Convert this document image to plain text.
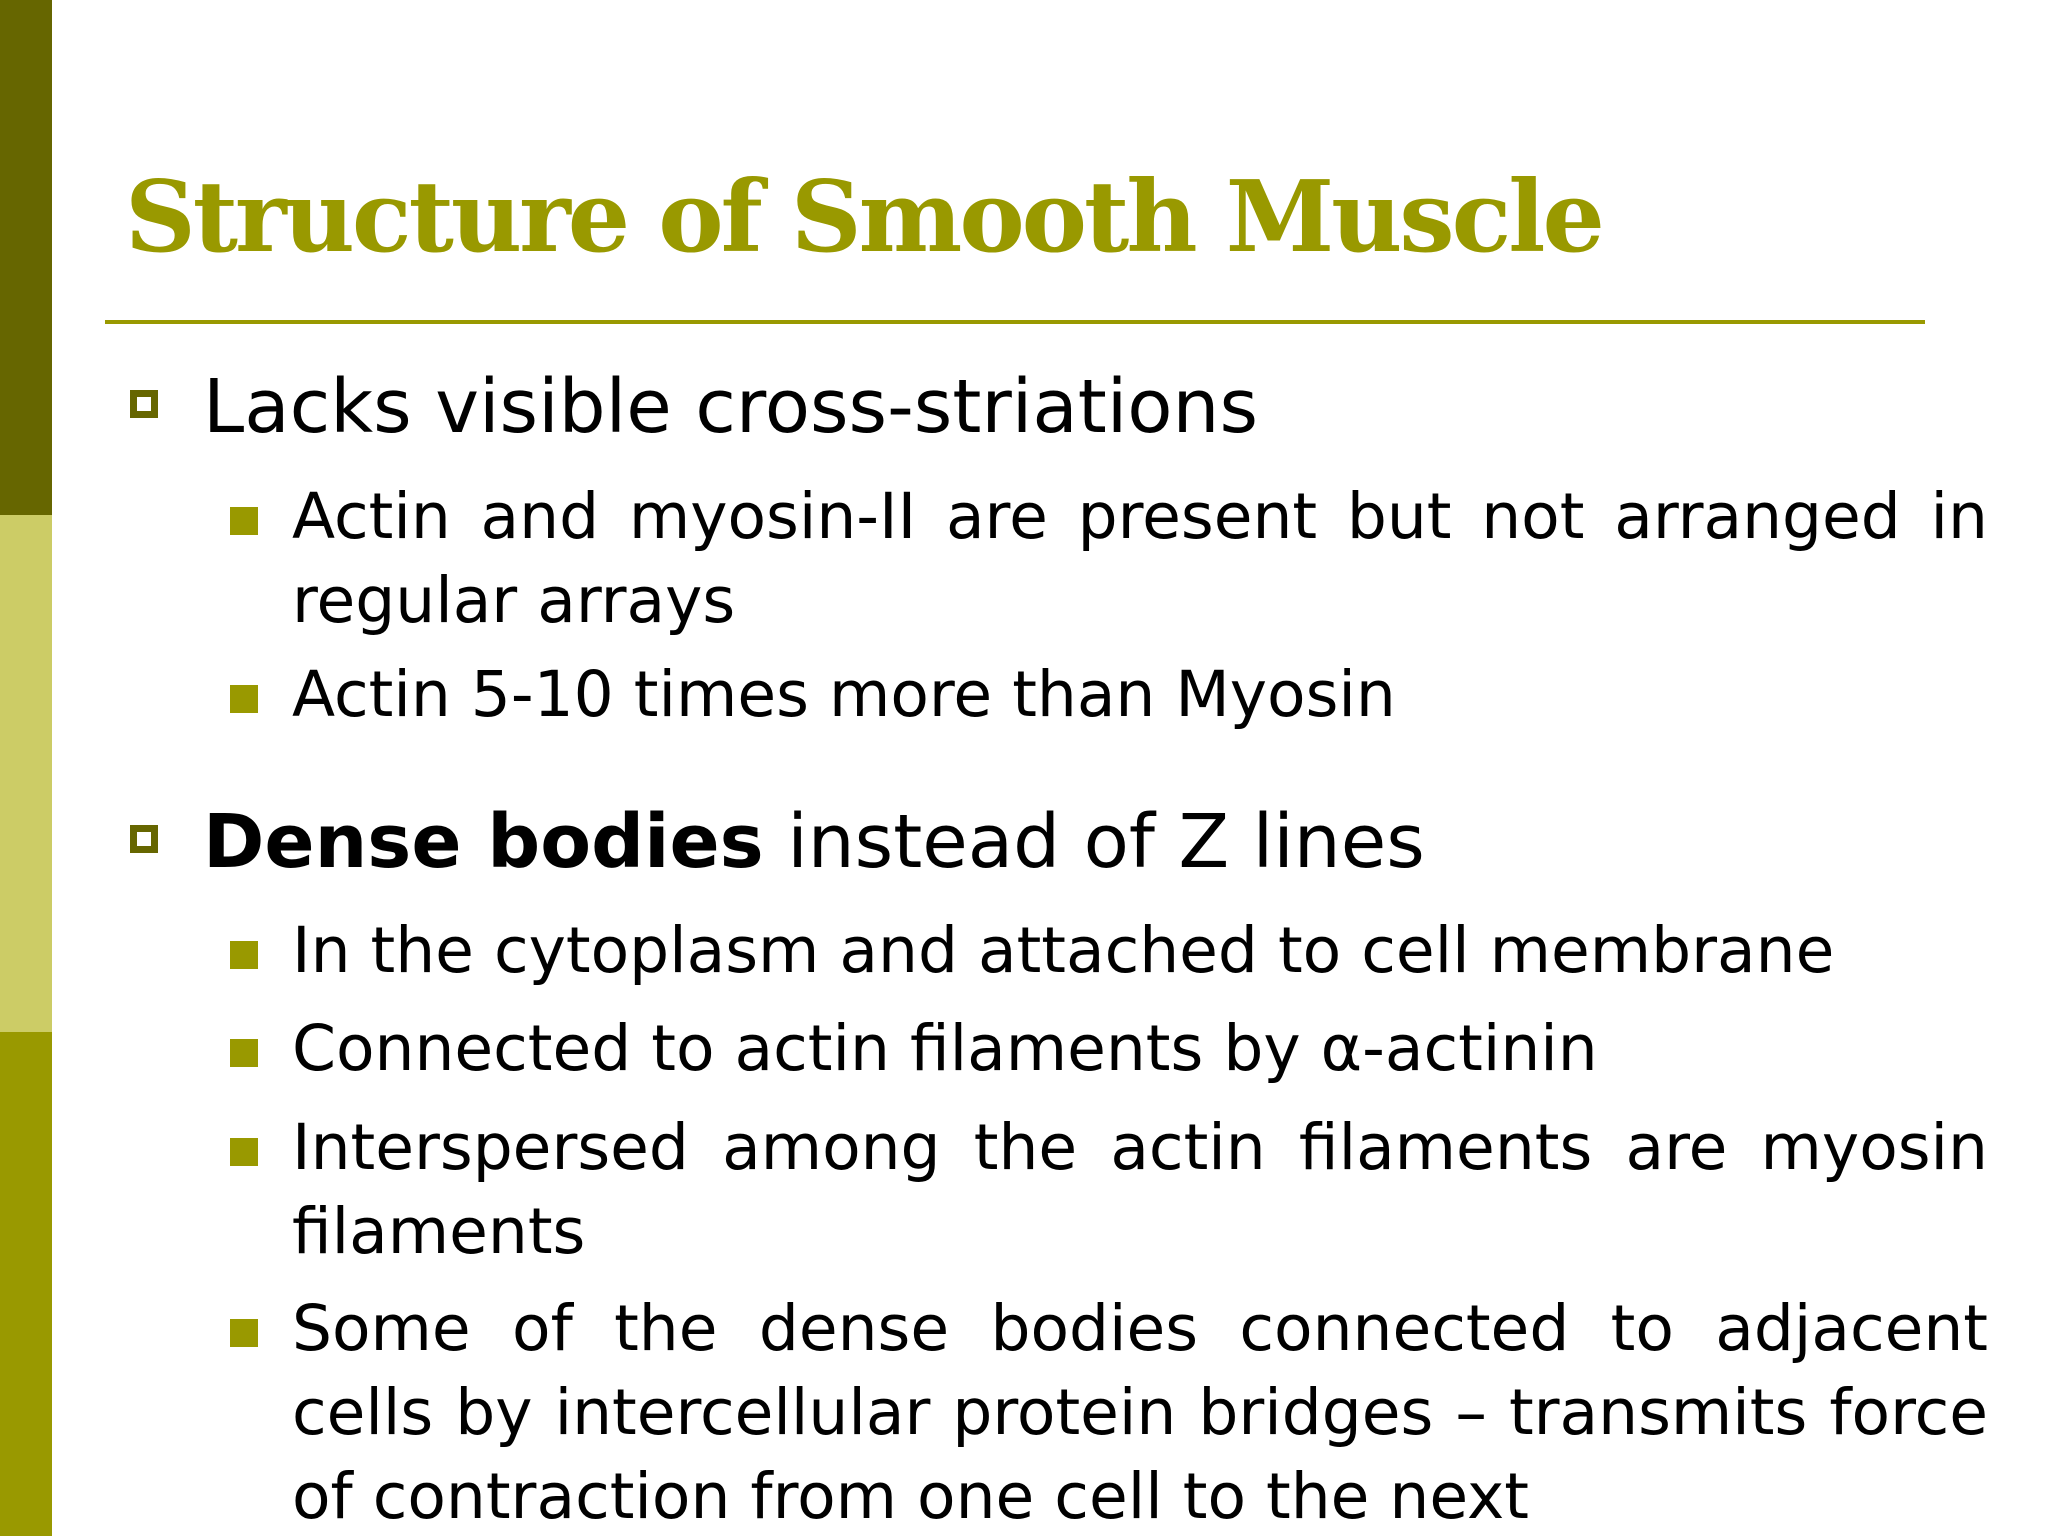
Structure of Smooth Muscle
Lacks visible cross-striations
Actin and myosin-II are present but not arranged in regular arrays
Actin 5-10 times more than Myosin
Dense bodies instead of Z lines
In the cytoplasm and attached to cell membrane
Connected to actin filaments by α-actinin
Interspersed among the actin filaments are myosin filaments
Some of the dense bodies connected to adjacent cells by intercellular protein bridges – transmits force of contraction from one cell to the next
